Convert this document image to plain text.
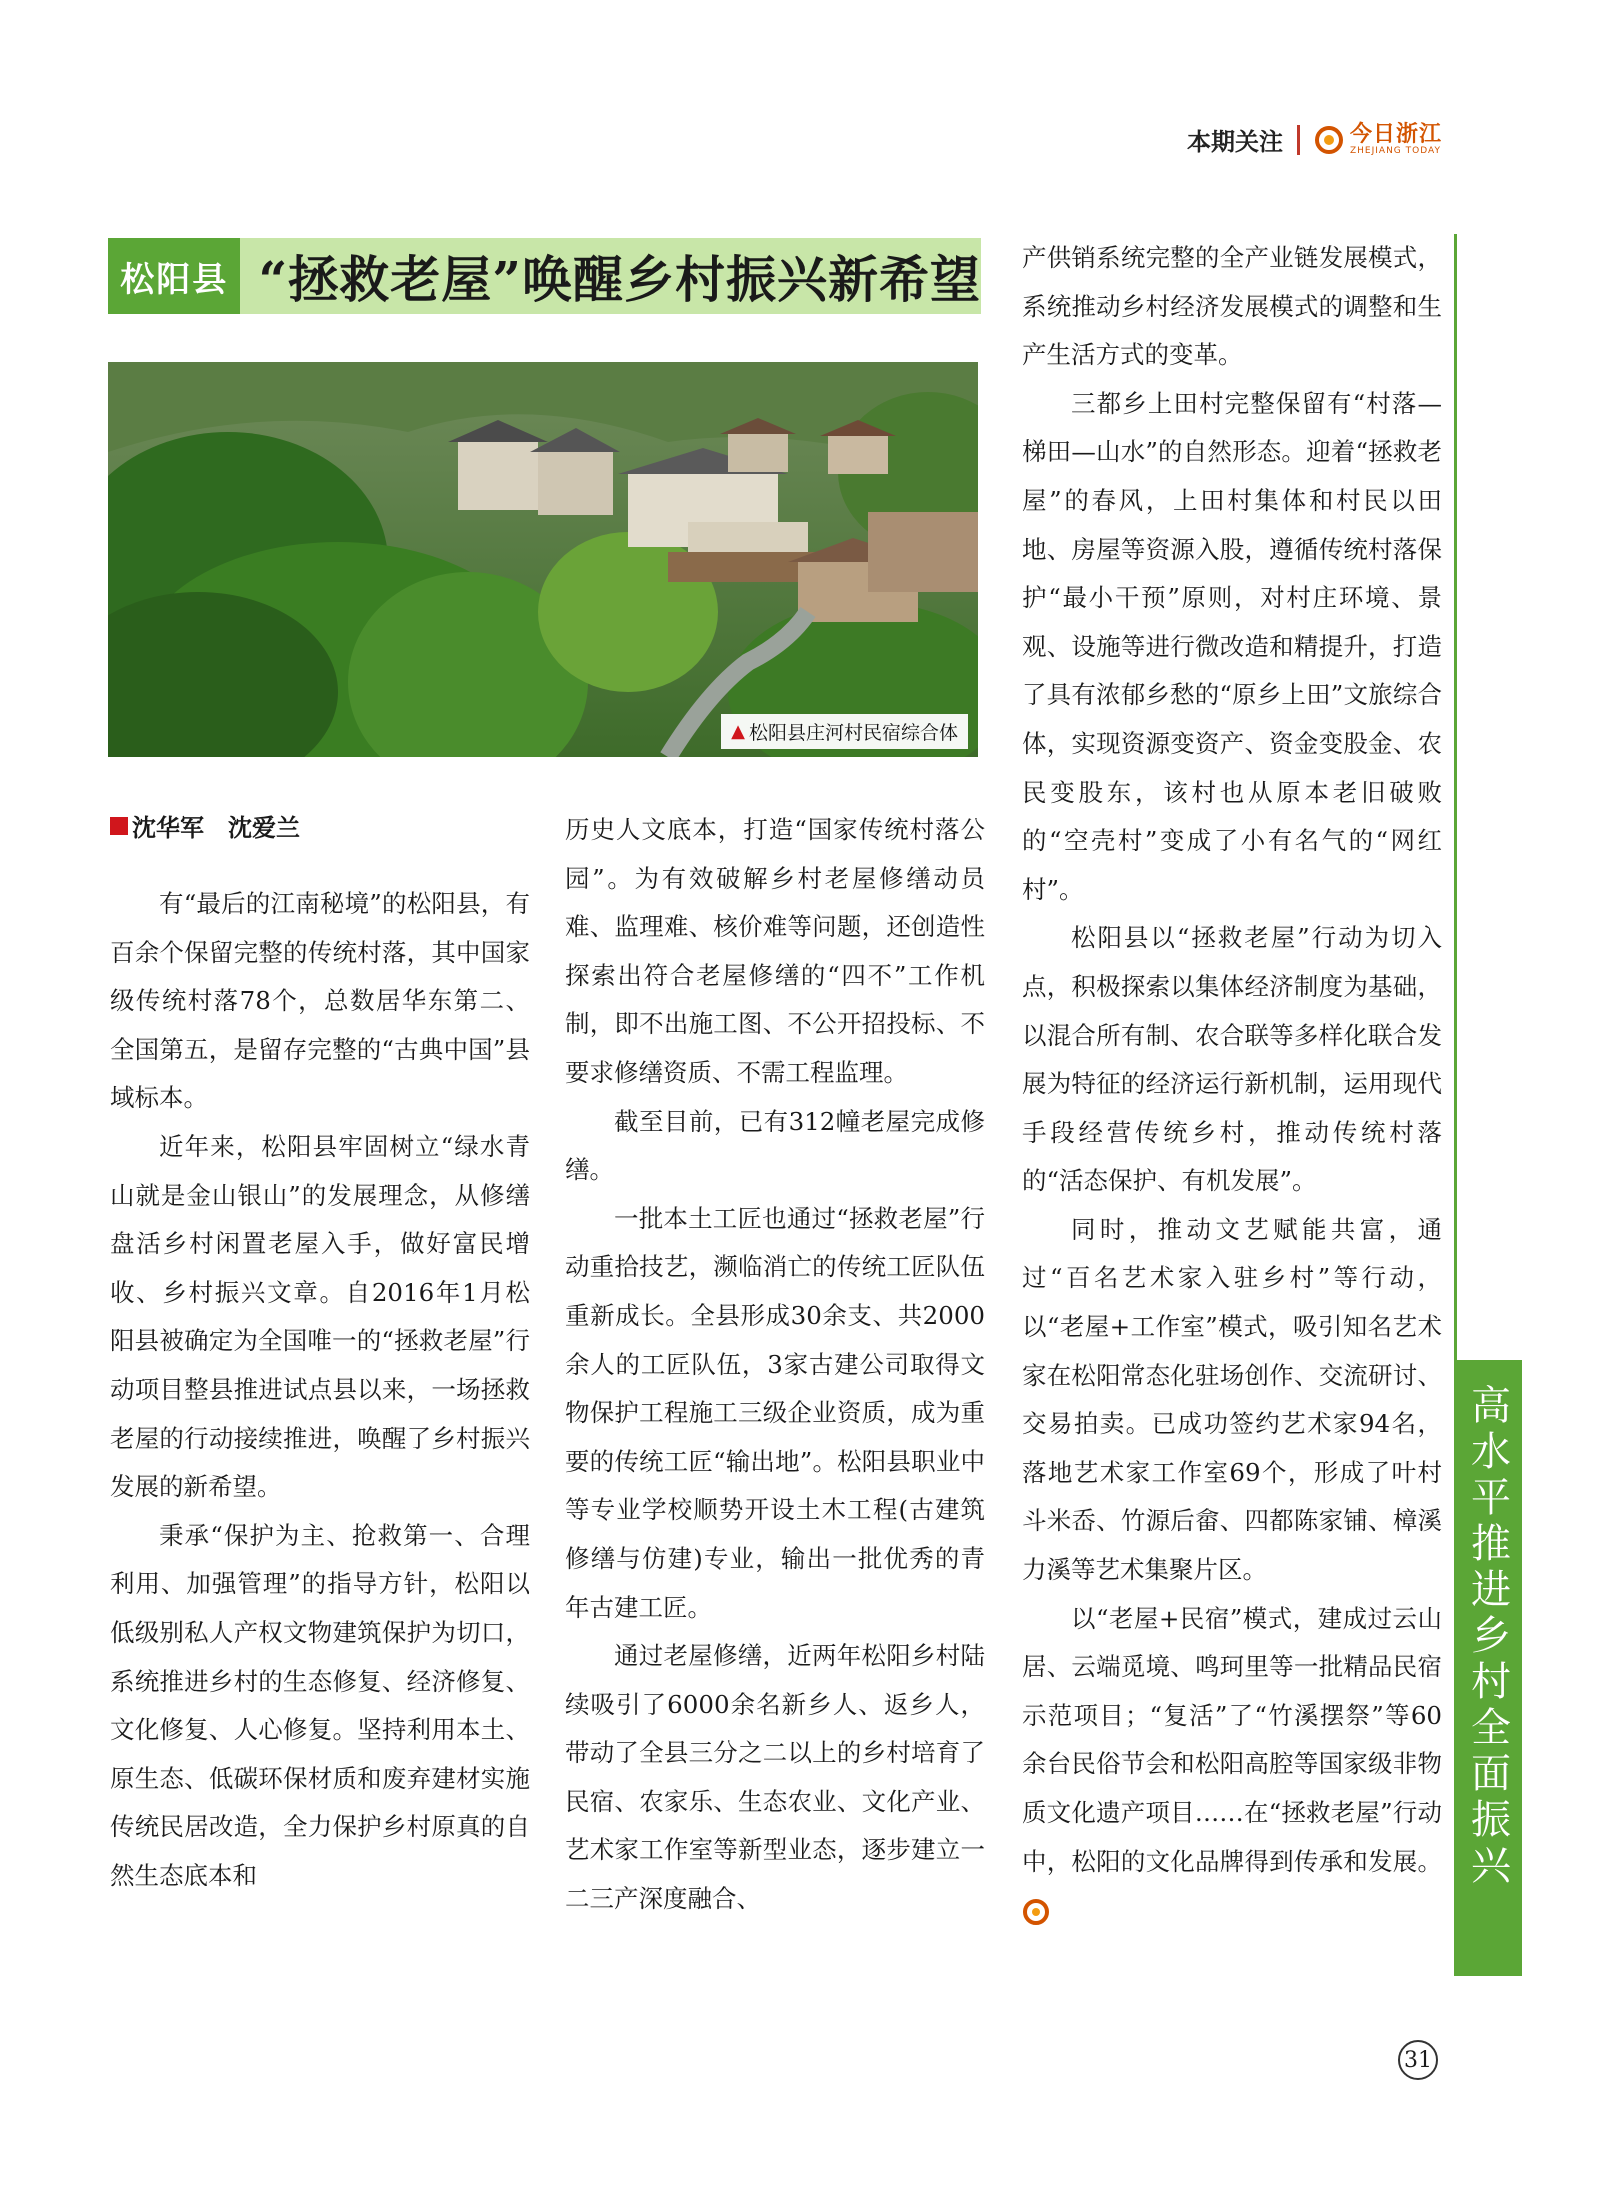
本期关注	今日浙江
ZHEJIANG TODAY
松阳县 “拯救老屋”唤醒乡村振兴新希望
▲ 松阳县庄河村民宿综合体
沈华军　沈爱兰

有“最后的江南秘境”的松阳县，有百余个保留完整的传统村落，其中国家级传统村落78个，总数居华东第二、全国第五，是留存完整的“古典中国”县域标本。

近年来，松阳县牢固树立“绿水青山就是金山银山”的发展理念，从修缮盘活乡村闲置老屋入手，做好富民增收、乡村振兴文章。自2016年1月松阳县被确定为全国唯一的“拯救老屋”行动项目整县推进试点县以来，一场拯救老屋的行动接续推进，唤醒了乡村振兴发展的新希望。

秉承“保护为主、抢救第一、合理利用、加强管理”的指导方针，松阳以低级别私人产权文物建筑保护为切口，系统推进乡村的生态修复、经济修复、文化修复、人心修复。坚持利用本土、原生态、低碳环保材质和废弃建材实施传统民居改造，全力保护乡村原真的自然生态底本和

历史人文底本，打造“国家传统村落公园”。为有效破解乡村老屋修缮动员难、监理难、核价难等问题，还创造性探索出符合老屋修缮的“四不”工作机制，即不出施工图、不公开招投标、不要求修缮资质、不需工程监理。

截至目前，已有312幢老屋完成修缮。

一批本土工匠也通过“拯救老屋”行动重拾技艺，濒临消亡的传统工匠队伍重新成长。全县形成30余支、共2000余人的工匠队伍，3家古建公司取得文物保护工程施工三级企业资质，成为重要的传统工匠“输出地”。松阳县职业中等专业学校顺势开设土木工程(古建筑修缮与仿建)专业，输出一批优秀的青年古建工匠。

通过老屋修缮，近两年松阳乡村陆续吸引了6000余名新乡人、返乡人，带动了全县三分之二以上的乡村培育了民宿、农家乐、生态农业、文化产业、艺术家工作室等新型业态，逐步建立一二三产深度融合、

产供销系统完整的全产业链发展模式，系统推动乡村经济发展模式的调整和生产生活方式的变革。

三都乡上田村完整保留有“村落—梯田—山水”的自然形态。迎着“拯救老屋”的春风，上田村集体和村民以田地、房屋等资源入股，遵循传统村落保护“最小干预”原则，对村庄环境、景观、设施等进行微改造和精提升，打造了具有浓郁乡愁的“原乡上田”文旅综合体，实现资源变资产、资金变股金、农民变股东，该村也从原本老旧破败的“空壳村”变成了小有名气的“网红村”。

松阳县以“拯救老屋”行动为切入点，积极探索以集体经济制度为基础，以混合所有制、农合联等多样化联合发展为特征的经济运行新机制，运用现代手段经营传统乡村，推动传统村落的“活态保护、有机发展”。

同时，推动文艺赋能共富，通过“百名艺术家入驻乡村”等行动，以“老屋+工作室”模式，吸引知名艺术家在松阳常态化驻场创作、交流研讨、交易拍卖。已成功签约艺术家94名，落地艺术家工作室69个，形成了叶村斗米岙、竹源后畲、四都陈家铺、樟溪力溪等艺术集聚片区。

以“老屋+民宿”模式，建成过云山居、云端觅境、鸣珂里等一批精品民宿示范项目；“复活”了“竹溪摆祭”等60余台民俗节会和松阳高腔等国家级非物质文化遗产项目……在“拯救老屋”行动中，松阳的文化品牌得到传承和发展。 高水平推进乡村全面振兴
31
